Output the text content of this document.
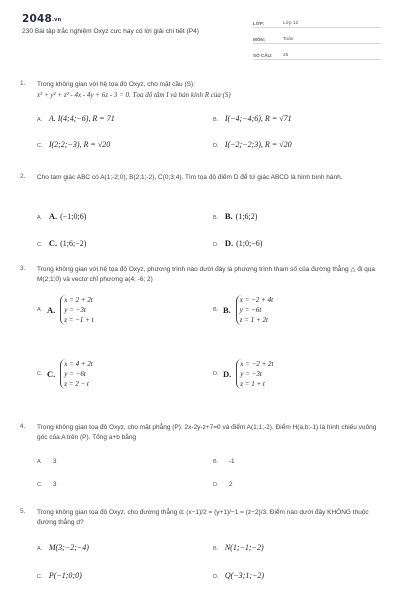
2048.vn
230 Bài tập trắc nghiệm Oxyz cực hay có lời giải chi tiết (P4)
LỚP:	Lớp 12
MÔN:	Toán
SỐ CÂU:	25
1. Trong không gian với hệ tọa độ Oxyz, cho mặt cầu (S):
x² + y² + z² - 4x - 4y + 6z - 3 = 0. Tọa độ tâm I và bán kính R của (S)
A. A. I(4;4;−6), R = 71	B. I(−4;−4;6), R = √71
C. I(2;2;−3), R = √20	D. I(−2;−2;3), R = √20
2. Cho tam giác ABC có A(1;-2;0), B(2;1;-2), C(0;3;4). Tìm tọa độ điểm D để tứ giác ABCD là hình bình hành.
A. A. (−1;0;6)	B. B. (1;6;2)
C. C. (1;6;−2)	D. D. (1;0;−6)
3. Trong không gian với hệ tọa độ Oxyz, phương trình nào dưới đây là phương trình tham số của đường thẳng △ đi qua M(2;1;0) và vectơ chỉ phương a(4; -6; 2)
A. A.
x = 2 + 2t
y = −3t
z = −1 + t
B. B.
x = −2 + 4t
y = −6t
z = 1 + 2t
C. C.
x = 4 + 2t
y = −6t
z = 2 − t
D. D.
x = −2 + 2t
y = −3t
z = 1 + t
4. Trong không gian tọa độ Oxyz, cho mặt phẳng (P): 2x-2y-z+7=0 và điểm A(1;1;-2). Điểm H(a;b;-1) là hình chiếu vuông góc của A trên (P). Tổng a+b bằng
A. 3	B. -1
C. 3	D. 2
5. Trong không gian tọa độ Oxyz, cho đường thẳng d: (x−1)/2 = (y+1)/−1 = (z−2)/3. Điểm nào dưới đây KHÔNG thuộc đường thẳng d?
A. M(3;−2;−4)	B. N(1;−1;−2)
C. P(−1;0;0)	D. Q(−3;1;−2)
